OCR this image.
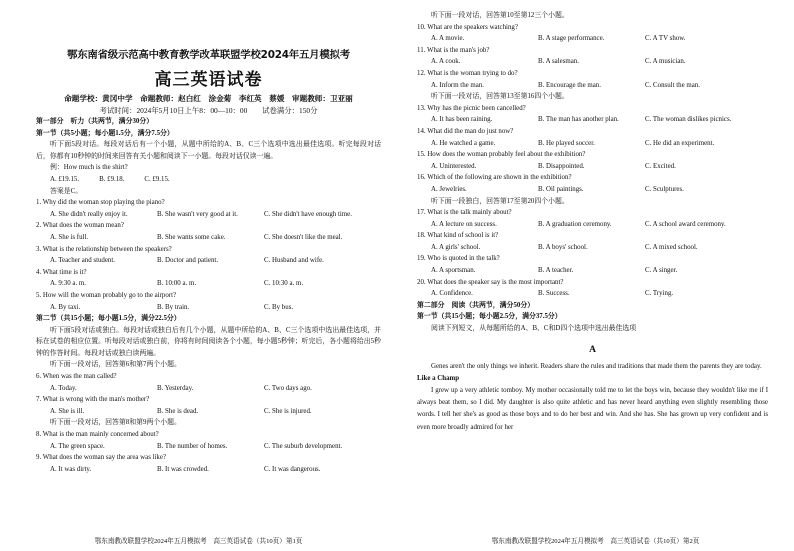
鄂东南省级示范高中教育教学改革联盟学校2024年五月模拟考
高三英语试卷
命题学校：黄冈中学　命题教师：赵白红　涂金菊　李红英　蔡媛　审题教师：卫亚丽
考试时间：2024年5月10日上午8：00—10：00　　试卷满分：150分
第一部分　听力（共两节，满分30分）
第一节（共5小题；每小题1.5分，满分7.5分）
听下面5段对话。每段对话后有一个小题，从题中所给的A、B、C三个选项中选出最佳选项。听完每段对话后，你都有10秒钟的时间来回答有关小题和阅读下一小题。每段对话仅读一遍。
例：How much is the shirt?
A. £19.15.	B. £9.18.	C. £9.15.
答案是C。
1. Why did the woman stop playing the piano?
A. She didn't really enjoy it.	B. She wasn't very good at it.	C. She didn't have enough time.
2. What does the woman mean?
A. She is full.	B. She wants some cake.	C. She doesn't like the meal.
3. What is the relationship between the speakers?
A. Teacher and student.	B. Doctor and patient.	C. Husband and wife.
4. What time is it?
A. 9:30 a. m.	B. 10:00 a. m.	C. 10:30 a. m.
5. How will the woman probably go to the airport?
A. By taxi.	B. By train.	C. By bus.
第二节（共15小题；每小题1.5分，满分22.5分）
听下面5段对话或独白。每段对话或独白后有几个小题，从题中所给的A、B、C三个选项中选出最佳选项，并标在试卷的相应位置。听每段对话或独白前，你将有时间阅读各个小题，每小题5秒钟；听完后，各小题将给出5秒钟的作答时间。每段对话或独白读两遍。
听下面一段对话，回答第6和第7两个小题。
6. When was the man called?
A. Today.	B. Yesterday.	C. Two days ago.
7. What is wrong with the man's mother?
A. She is ill.	B. She is dead.	C. She is injured.
听下面一段对话，回答第8和第9两个小题。
8. What is the man mainly concerned about?
A. The green space.	B. The number of homes.	C. The suburb development.
9. What does the woman say the area was like?
A. It was dirty.	B. It was crowded.	C. It was dangerous.
鄂东南教改联盟学校2024年五月模拟考　高三英语试卷（共10页）第1页
听下面一段对话，回答第10至第12三个小题。
10. What are the speakers watching?
A. A movie.	B. A stage performance.	C. A TV show.
11. What is the man's job?
A. A cook.	B. A salesman.	C. A musician.
12. What is the woman trying to do?
A. Inform the man.	B. Encourage the man.	C. Consult the man.
听下面一段对话，回答第13至第16四个小题。
13. Why has the picnic been cancelled?
A. It has been raining.	B. The man has another plan.	C. The woman dislikes picnics.
14. What did the man do just now?
A. He watched a game.	B. He played soccer.	C. He did an experiment.
15. How does the woman probably feel about the exhibition?
A. Uninterested.	B. Disappointed.	C. Excited.
16. Which of the following are shown in the exhibition?
A. Jewelries.	B. Oil paintings.	C. Sculptures.
听下面一段独白，回答第17至第20四个小题。
17. What is the talk mainly about?
A. A lecture on success.	B. A graduation ceremony.	C. A school award ceremony.
18. What kind of school is it?
A. A girls' school.	B. A boys' school.	C. A mixed school.
19. Who is quoted in the talk?
A. A sportsman.	B. A teacher.	C. A singer.
20. What does the speaker say is the most important?
A. Confidence.	B. Success.	C. Trying.
第二部分　阅读（共两节，满分50分）
第一节（共15小题；每小题2.5分，满分37.5分）
阅读下列短文，从每题所给的A、B、C和D四个选项中选出最佳选项
A
Genes aren't the only things we inherit. Readers share the rules and traditions that made them the parents they are today.
Like a Champ
I grew up a very athletic tomboy. My mother occasionally told me to let the boys win, because they wouldn't like me if I always beat them, so I did. My daughter is also quite athletic and has never heard anything even slightly resembling those words. I tell her she's as good as those boys and to do her best and win. And she has. She has grown up very confident and is even more broadly admired for her
鄂东南教改联盟学校2024年五月模拟考　高三英语试卷（共10页）第2页
